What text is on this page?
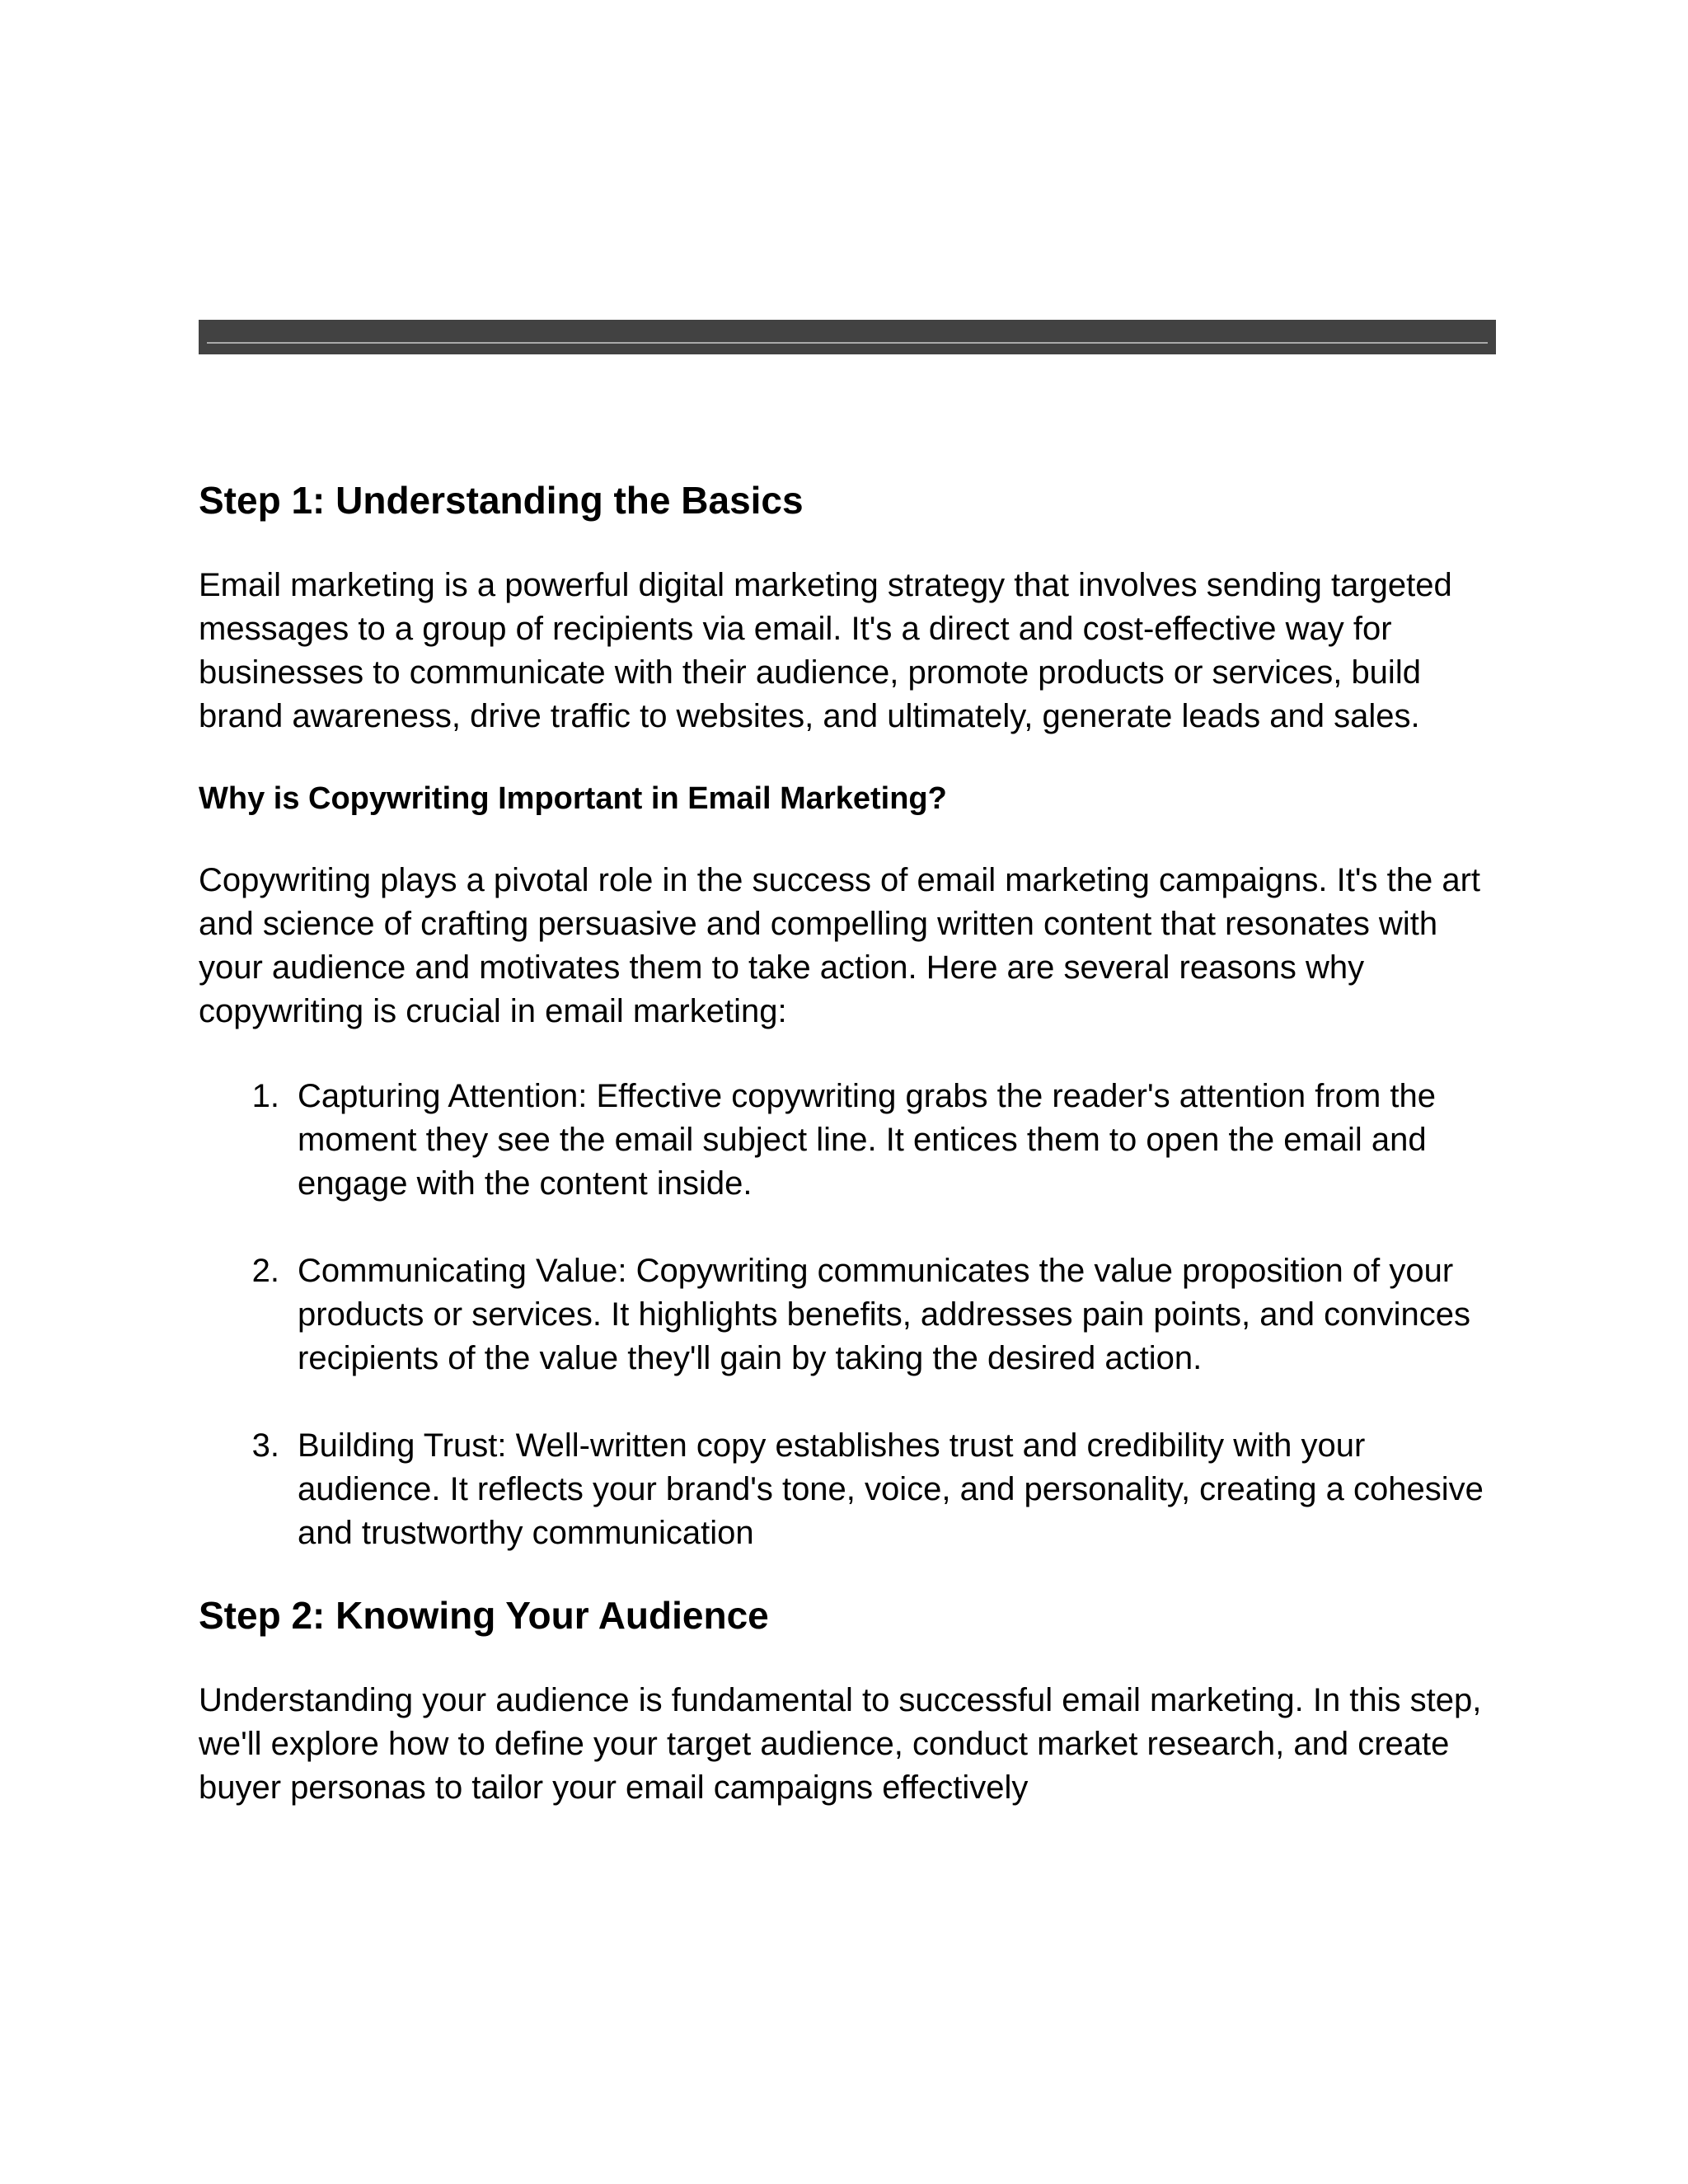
Step 1: Understanding the Basics

Email marketing is a powerful digital marketing strategy that involves sending targeted messages to a group of recipients via email. It's a direct and cost-effective way for businesses to communicate with their audience, promote products or services, build brand awareness, drive traffic to websites, and ultimately, generate leads and sales.

Why is Copywriting Important in Email Marketing?

Copywriting plays a pivotal role in the success of email marketing campaigns. It's the art and science of crafting persuasive and compelling written content that resonates with your audience and motivates them to take action. Here are several reasons why copywriting is crucial in email marketing:

1. Capturing Attention: Effective copywriting grabs the reader's attention from the moment they see the email subject line. It entices them to open the email and engage with the content inside.
2. Communicating Value: Copywriting communicates the value proposition of your products or services. It highlights benefits, addresses pain points, and convinces recipients of the value they'll gain by taking the desired action.
3. Building Trust: Well-written copy establishes trust and credibility with your audience. It reflects your brand's tone, voice, and personality, creating a cohesive and trustworthy communication
Step 2: Knowing Your Audience

Understanding your audience is fundamental to successful email marketing. In this step, we'll explore how to define your target audience, conduct market research, and create buyer personas to tailor your email campaigns effectively
